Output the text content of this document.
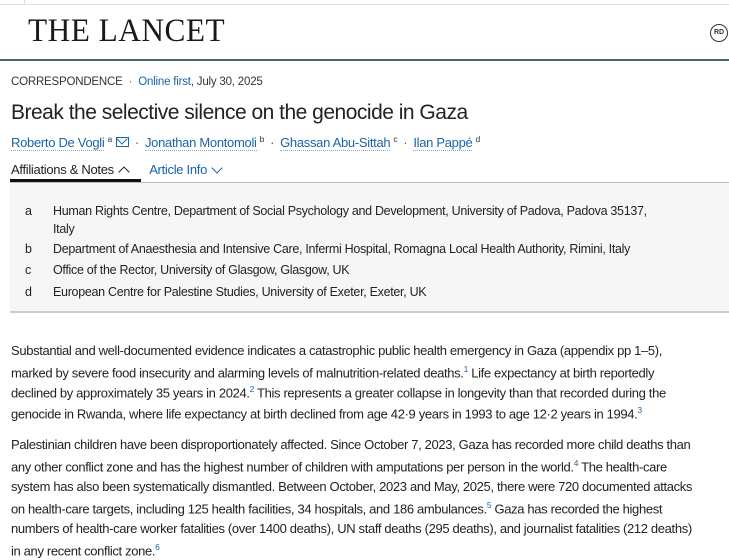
THE LANCET	RD
CORRESPONDENCE · Online first, July 30, 2025
Break the selective silence on the genocide in Gaza
Roberto De Vogli $^a$ · Jonathan Montomoli $^b$ · Ghassan Abu-Sittah $^c$ · Ilan Pappé $^d$
Affiliations & Notes	Article Info
a Human Rights Centre, Department of Social Psychology and Development, University of Padova, Padova 35137,
Italy
b Department of Anaesthesia and Intensive Care, Infermi Hospital, Romagna Local Health Authority, Rimini, Italy
c Office of the Rector, University of Glasgow, Glasgow, UK
d European Centre for Palestine Studies, University of Exeter, Exeter, UK
Substantial and well-documented evidence indicates a catastrophic public health emergency in Gaza (appendix pp 1–5),
marked by severe food insecurity and alarming levels of malnutrition-related deaths.$^1$ Life expectancy at birth reportedly
declined by approximately 35 years in 2024.$^2$ This represents a greater collapse in longevity than that recorded during the
genocide in Rwanda, where life expectancy at birth declined from age 42·9 years in 1993 to age 12·2 years in 1994.$^3$
Palestinian children have been disproportionately affected. Since October 7, 2023, Gaza has recorded more child deaths than
any other conflict zone and has the highest number of children with amputations per person in the world.$^4$ The health-care
system has also been systematically dismantled. Between October, 2023 and May, 2025, there were 720 documented attacks
on health-care targets, including 125 health facilities, 34 hospitals, and 186 ambulances.$^5$ Gaza has recorded the highest
numbers of health-care worker fatalities (over 1400 deaths), UN staff deaths (295 deaths), and journalist fatalities (212 deaths)
in any recent conflict zone.$^6$
